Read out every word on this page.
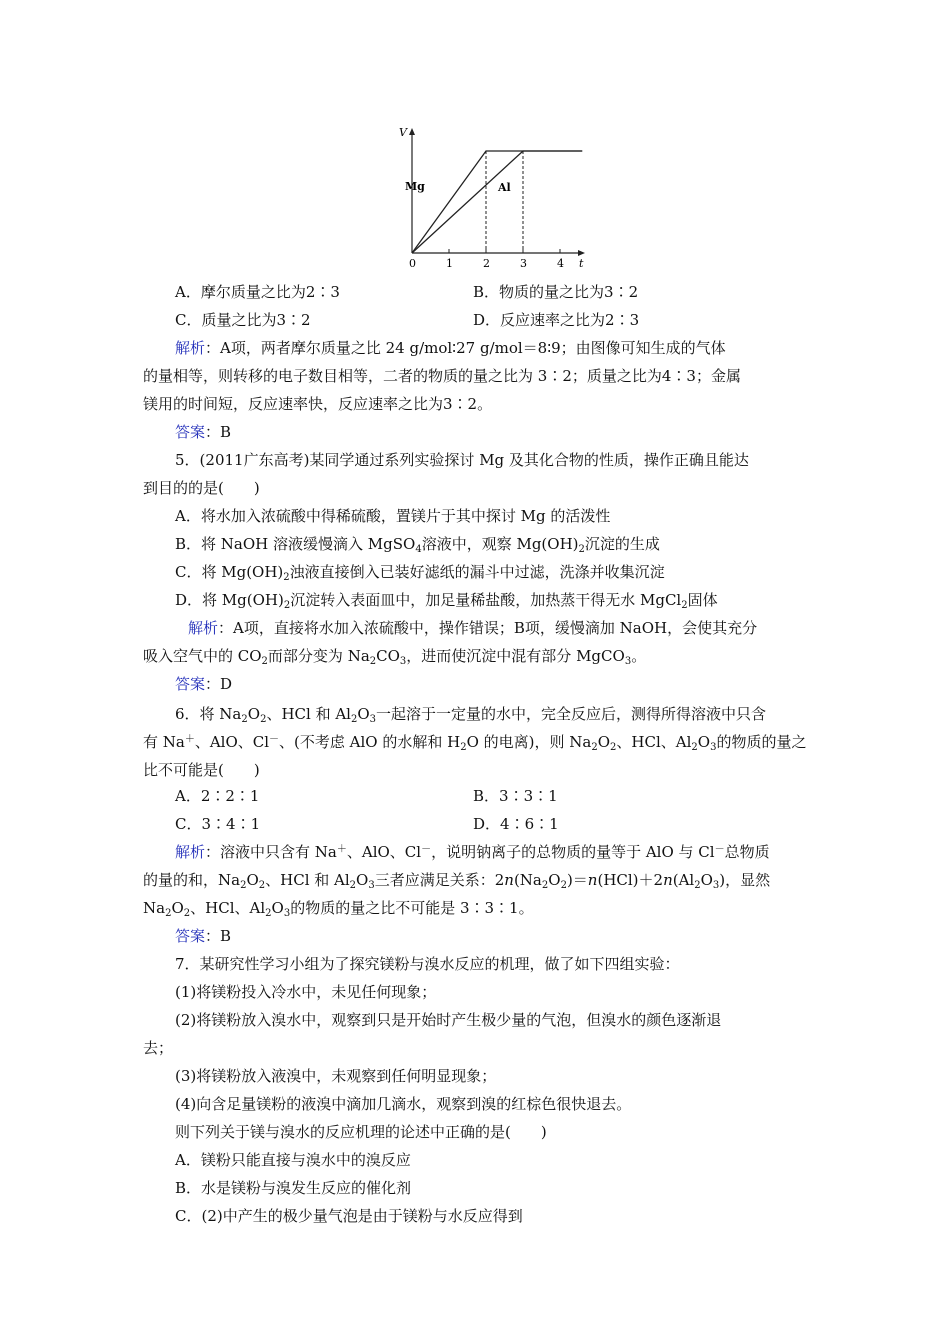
V
t
0	1	2	3	4
Mg	Al
A．摩尔质量之比为2∶3	B．物质的量之比为3∶2
C．质量之比为3∶2	D．反应速率之比为2∶3
解析：A项，两者摩尔质量之比 24 g/mol∶27 g/mol＝8∶9；由图像可知生成的气体
的量相等，则转移的电子数目相等，二者的物质的量之比为 3∶2；质量之比为4∶3；金属
镁用的时间短，反应速率快，反应速率之比为3∶2。
答案：B
5．(2011广东高考)某同学通过系列实验探讨 Mg 及其化合物的性质，操作正确且能达
到目的的是(　　)
A．将水加入浓硫酸中得稀硫酸，置镁片于其中探讨 Mg 的活泼性
B．将 NaOH 溶液缓慢滴入 MgSO$_4$溶液中，观察 $Mg(OH)_2$沉淀的生成
C．将 $Mg(OH)_2$浊液直接倒入已装好滤纸的漏斗中过滤，洗涤并收集沉淀
D．将 $Mg(OH)_2$沉淀转入表面皿中，加足量稀盐酸，加热蒸干得无水 MgCl$_2$固体
解析：A项，直接将水加入浓硫酸中，操作错误；B项，缓慢滴加 NaOH，会使其充分
吸入空气中的 $CO_2$而部分变为 $Na_2CO_3$，进而使沉淀中混有部分 MgCO$_3$。
答案：D
6．将 $Na_2O_2$、HCl 和 $Al_2O_3$一起溶于一定量的水中，完全反应后，测得所得溶液中只含
有 Na＋、AlO、Cl－、(不考虑 AlO 的水解和 $H_2O$ 的电离)，则 $Na_2O_2$、HCl、$Al_2O_3$的物质的量之
比不可能是(　　)
A．2∶2∶1	B．3∶3∶1
C．3∶4∶1	D．4∶6∶1
解析：溶液中只含有 Na＋、AlO、Cl－，说明钠离子的总物质的量等于 AlO 与 Cl－总物质
的量的和，$Na_2O_2$、HCl 和 $Al_2O_3$三者应满足关系：$2n(Na_2O_2)=n(HCl)+2n(Al_2O_3)$，显然
$Na_2O_2$、HCl、$Al_2O_3$的物质的量之比不可能是 3∶3∶1。
答案：B
7．某研究性学习小组为了探究镁粉与溴水反应的机理，做了如下四组实验：
(1)将镁粉投入冷水中，未见任何现象；
(2)将镁粉放入溴水中，观察到只是开始时产生极少量的气泡，但溴水的颜色逐渐退
去；
(3)将镁粉放入液溴中，未观察到任何明显现象；
(4)向含足量镁粉的液溴中滴加几滴水，观察到溴的红棕色很快退去。
则下列关于镁与溴水的反应机理的论述中正确的是(　　)
A．镁粉只能直接与溴水中的溴反应
B．水是镁粉与溴发生反应的催化剂
C．(2)中产生的极少量气泡是由于镁粉与水反应得到
